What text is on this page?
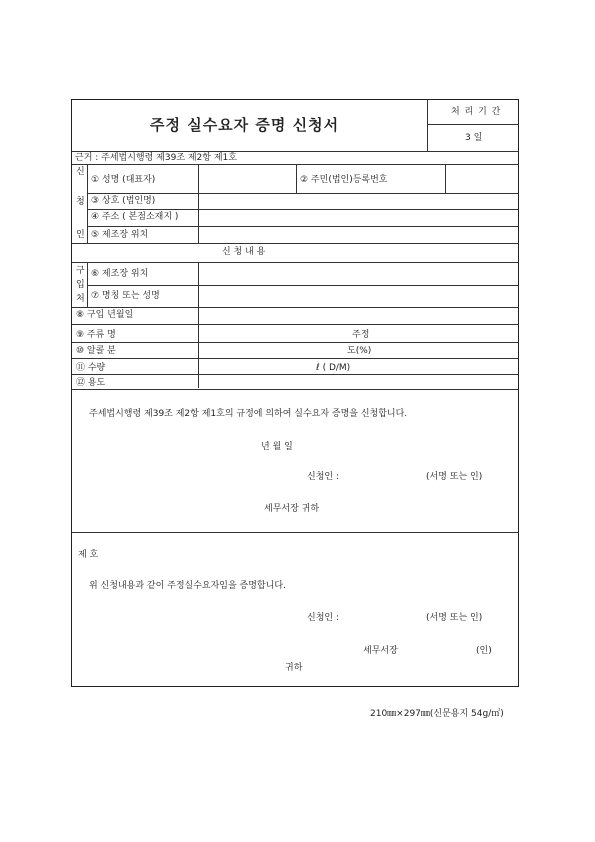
주정 실수요자 증명 신청서
처 리 기 간
3 일
근거 : 주세법시행령 제39조 제2항 제1호
신
청
인
① 성명 (대표자)	② 주민(법인)등록번호
③ 상호 (법인명)
④ 주소 ( 본점소재지 )
⑤ 제조장 위치
신 청 내 용
구
입
처
⑥ 제조장 위치
⑦ 명칭 또는 성명
⑧ 구입 년월일
⑨ 주류 명	주정
⑩ 알콜 분	도(%)
⑪ 수량	ℓ ( D/M)
⑫ 용도
주세법시행령 제39조 제2항 제1호의 규정에 의하여 실수요자 증명을 신청합니다.
년 월 일
신청인 :	(서명 또는 인)
세무서장 귀하
제 호
위 신청내용과 같이 주정실수요자임을 증명합니다.
신청인 :	(서명 또는 인)
세무서장	(인)
귀하
210㎜×297㎜(신문용지 54g/㎡)
